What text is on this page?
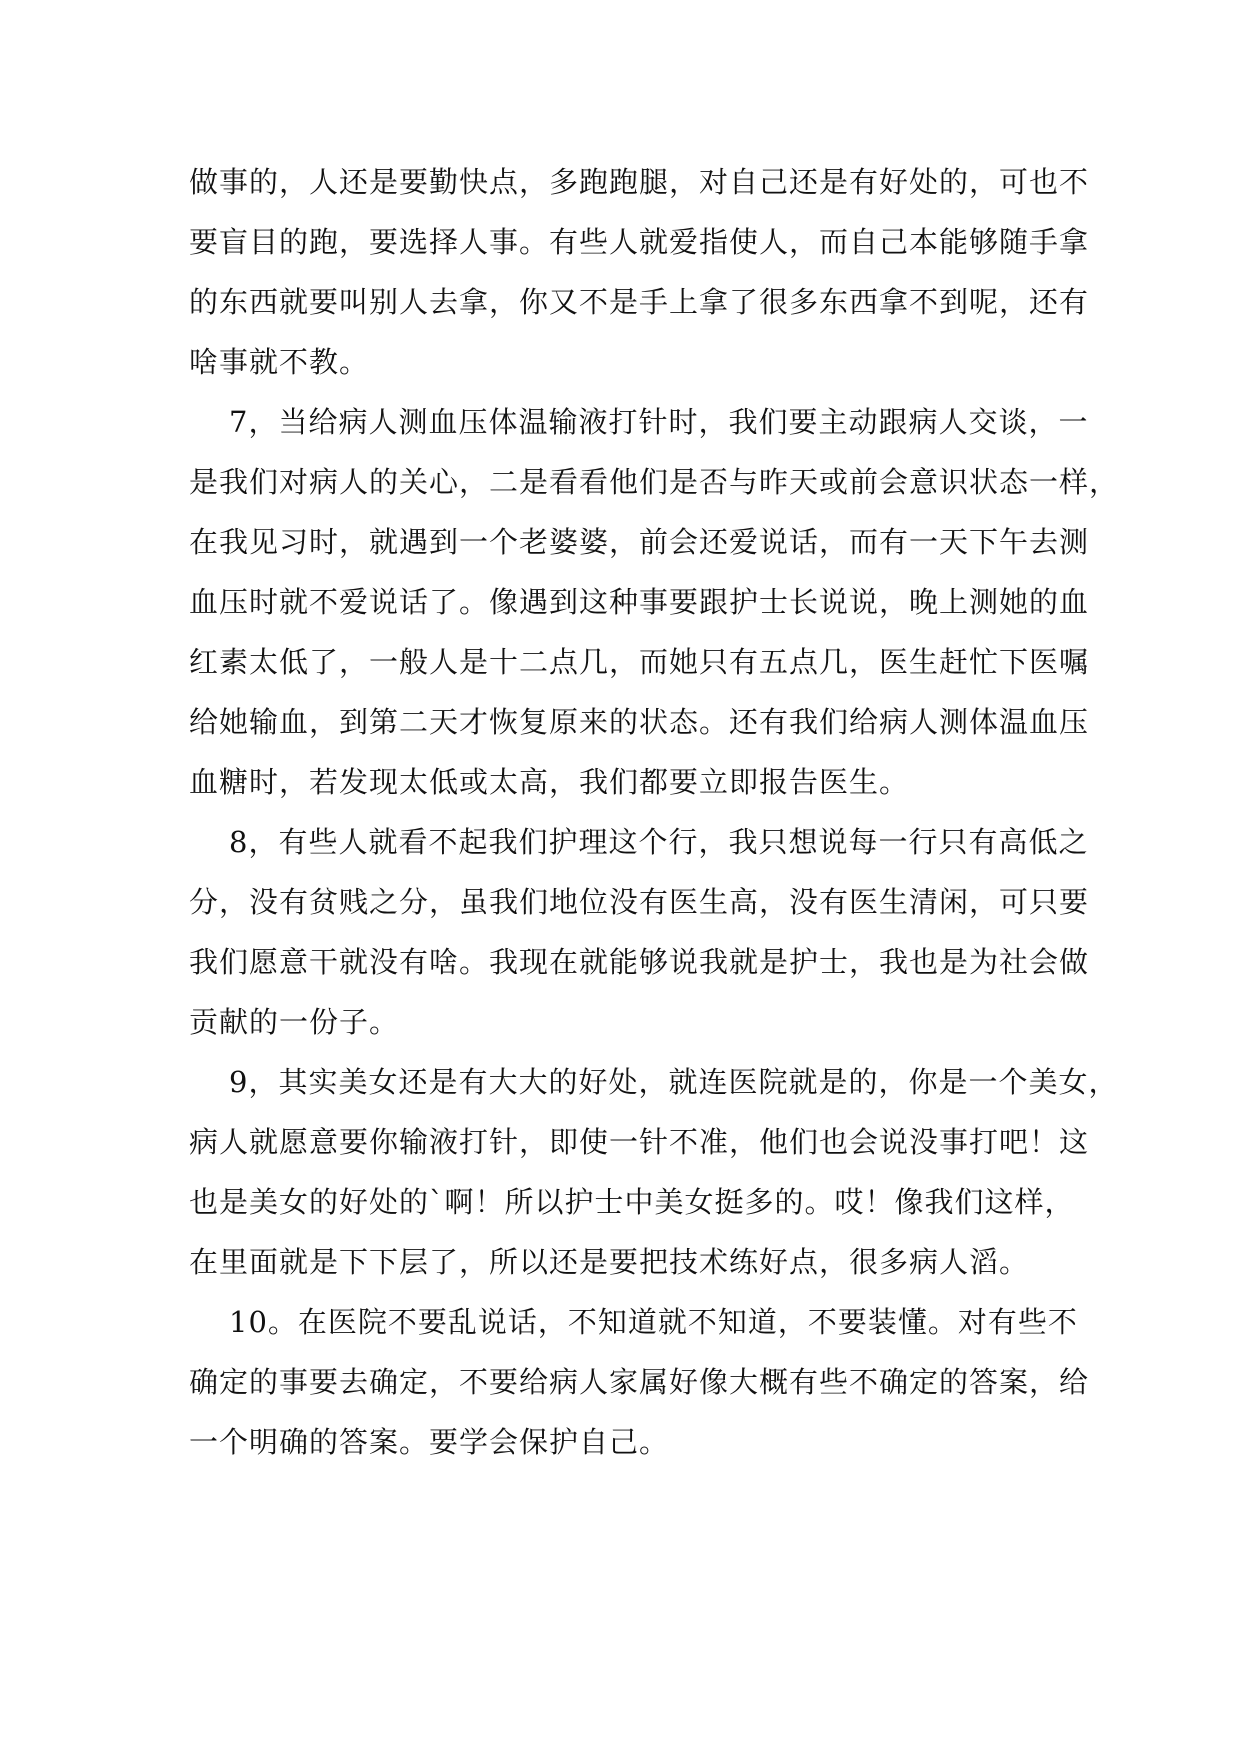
做事的，人还是要勤快点，多跑跑腿，对自己还是有好处的，可也不
要盲目的跑，要选择人事。有些人就爱指使人，而自己本能够随手拿
的东西就要叫别人去拿，你又不是手上拿了很多东西拿不到呢，还有
啥事就不教。

7，当给病人测血压体温输液打针时，我们要主动跟病人交谈，一
是我们对病人的关心，二是看看他们是否与昨天或前会意识状态一样，
在我见习时，就遇到一个老婆婆，前会还爱说话，而有一天下午去测
血压时就不爱说话了。像遇到这种事要跟护士长说说，晚上测她的血
红素太低了，一般人是十二点几，而她只有五点几，医生赶忙下医嘱
给她输血，到第二天才恢复原来的状态。还有我们给病人测体温血压
血糖时，若发现太低或太高，我们都要立即报告医生。

8，有些人就看不起我们护理这个行，我只想说每一行只有高低之
分，没有贫贱之分，虽我们地位没有医生高，没有医生清闲，可只要
我们愿意干就没有啥。我现在就能够说我就是护士，我也是为社会做
贡献的一份子。

9，其实美女还是有大大的好处，就连医院就是的，你是一个美女，
病人就愿意要你输液打针，即使一针不准，他们也会说没事打吧！这
也是美女的好处的`啊！所以护士中美女挺多的。哎！像我们这样，
在里面就是下下层了，所以还是要把技术练好点，很多病人滔。

10。在医院不要乱说话，不知道就不知道，不要装懂。对有些不
确定的事要去确定，不要给病人家属好像大概有些不确定的答案，给
一个明确的答案。要学会保护自己。
